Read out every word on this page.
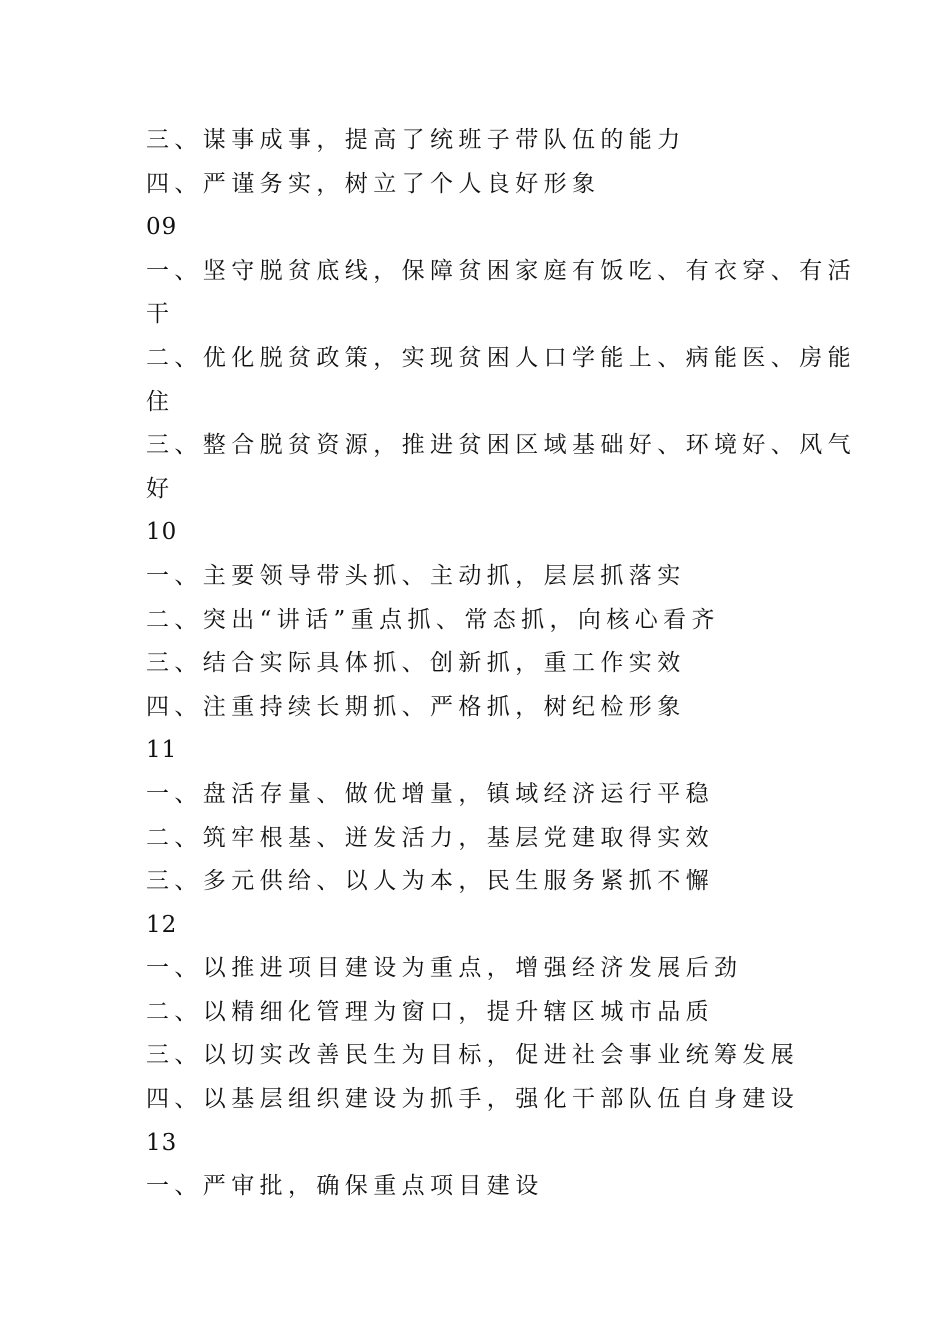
三、谋事成事，提高了统班子带队伍的能力

四、严谨务实，树立了个人良好形象

09

一、坚守脱贫底线，保障贫困家庭有饭吃、有衣穿、有活

干

二、优化脱贫政策，实现贫困人口学能上、病能医、房能

住

三、整合脱贫资源，推进贫困区域基础好、环境好、风气

好

10

一、主要领导带头抓、主动抓，层层抓落实

二、突出“讲话”重点抓、常态抓，向核心看齐

三、结合实际具体抓、创新抓，重工作实效

四、注重持续长期抓、严格抓，树纪检形象

11

一、盘活存量、做优增量，镇域经济运行平稳

二、筑牢根基、迸发活力，基层党建取得实效

三、多元供给、以人为本，民生服务紧抓不懈

12

一、以推进项目建设为重点，增强经济发展后劲

二、以精细化管理为窗口，提升辖区城市品质

三、以切实改善民生为目标，促进社会事业统筹发展

四、以基层组织建设为抓手，强化干部队伍自身建设

13

一、严审批，确保重点项目建设
